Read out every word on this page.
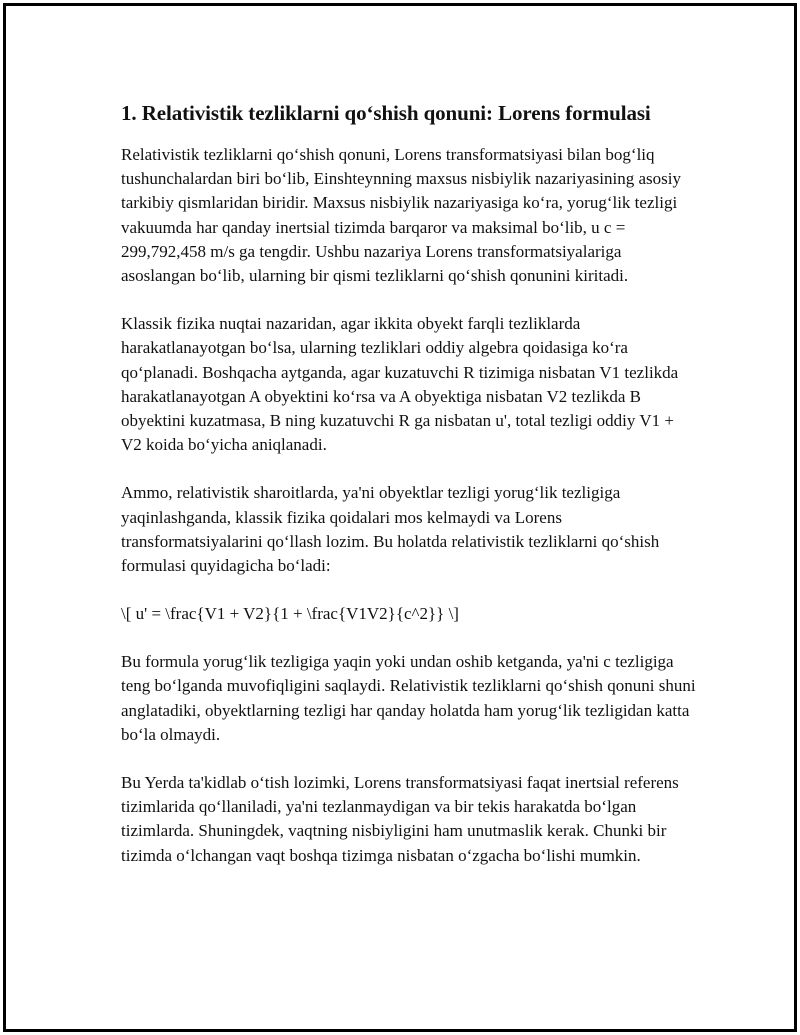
1. Relativistik tezliklarni qo‘shish qonuni: Lorens formulasi

Relativistik tezliklarni qo‘shish qonuni, Lorens transformatsiyasi bilan bog‘liq tushunchalardan biri bo‘lib, Einshteynning maxsus nisbiylik nazariyasining asosiy tarkibiy qismlaridan biridir. Maxsus nisbiylik nazariyasiga ko‘ra, yorug‘lik tezligi vakuumda har qanday inertsial tizimda barqaror va maksimal bo‘lib, u c = 299,792,458 m/s ga tengdir. Ushbu nazariya Lorens transformatsiyalariga asoslangan bo‘lib, ularning bir qismi tezliklarni qo‘shish qonunini kiritadi.

Klassik fizika nuqtai nazaridan, agar ikkita obyekt farqli tezliklarda harakatlanayotgan bo‘lsa, ularning tezliklari oddiy algebra qoidasiga ko‘ra qo‘planadi. Boshqacha aytganda, agar kuzatuvchi R tizimiga nisbatan V1 tezlikda harakatlanayotgan A obyektini ko‘rsa va A obyektiga nisbatan V2 tezlikda B obyektini kuzatmasa, B ning kuzatuvchi R ga nisbatan u', total tezligi oddiy V1 + V2 koida bo‘yicha aniqlanadi.

Ammo, relativistik sharoitlarda, ya'ni obyektlar tezligi yorug‘lik tezligiga yaqinlashganda, klassik fizika qoidalari mos kelmaydi va Lorens transformatsiyalarini qo‘llash lozim. Bu holatda relativistik tezliklarni qo‘shish formulasi quyidagicha bo‘ladi:

\[ u' = \frac{V1 + V2}{1 + \frac{V1V2}{c^2}} \]

Bu formula yorug‘lik tezligiga yaqin yoki undan oshib ketganda, ya'ni c tezligiga teng bo‘lganda muvofiqligini saqlaydi. Relativistik tezliklarni qo‘shish qonuni shuni anglatadiki, obyektlarning tezligi har qanday holatda ham yorug‘lik tezligidan katta bo‘la olmaydi.

Bu Yerda ta'kidlab o‘tish lozimki, Lorens transformatsiyasi faqat inertsial referens tizimlarida qo‘llaniladi, ya'ni tezlanmaydigan va bir tekis harakatda bo‘lgan tizimlarda. Shuningdek, vaqtning nisbiyligini ham unutmaslik kerak. Chunki bir tizimda o‘lchangan vaqt boshqa tizimga nisbatan o‘zgacha bo‘lishi mumkin.
